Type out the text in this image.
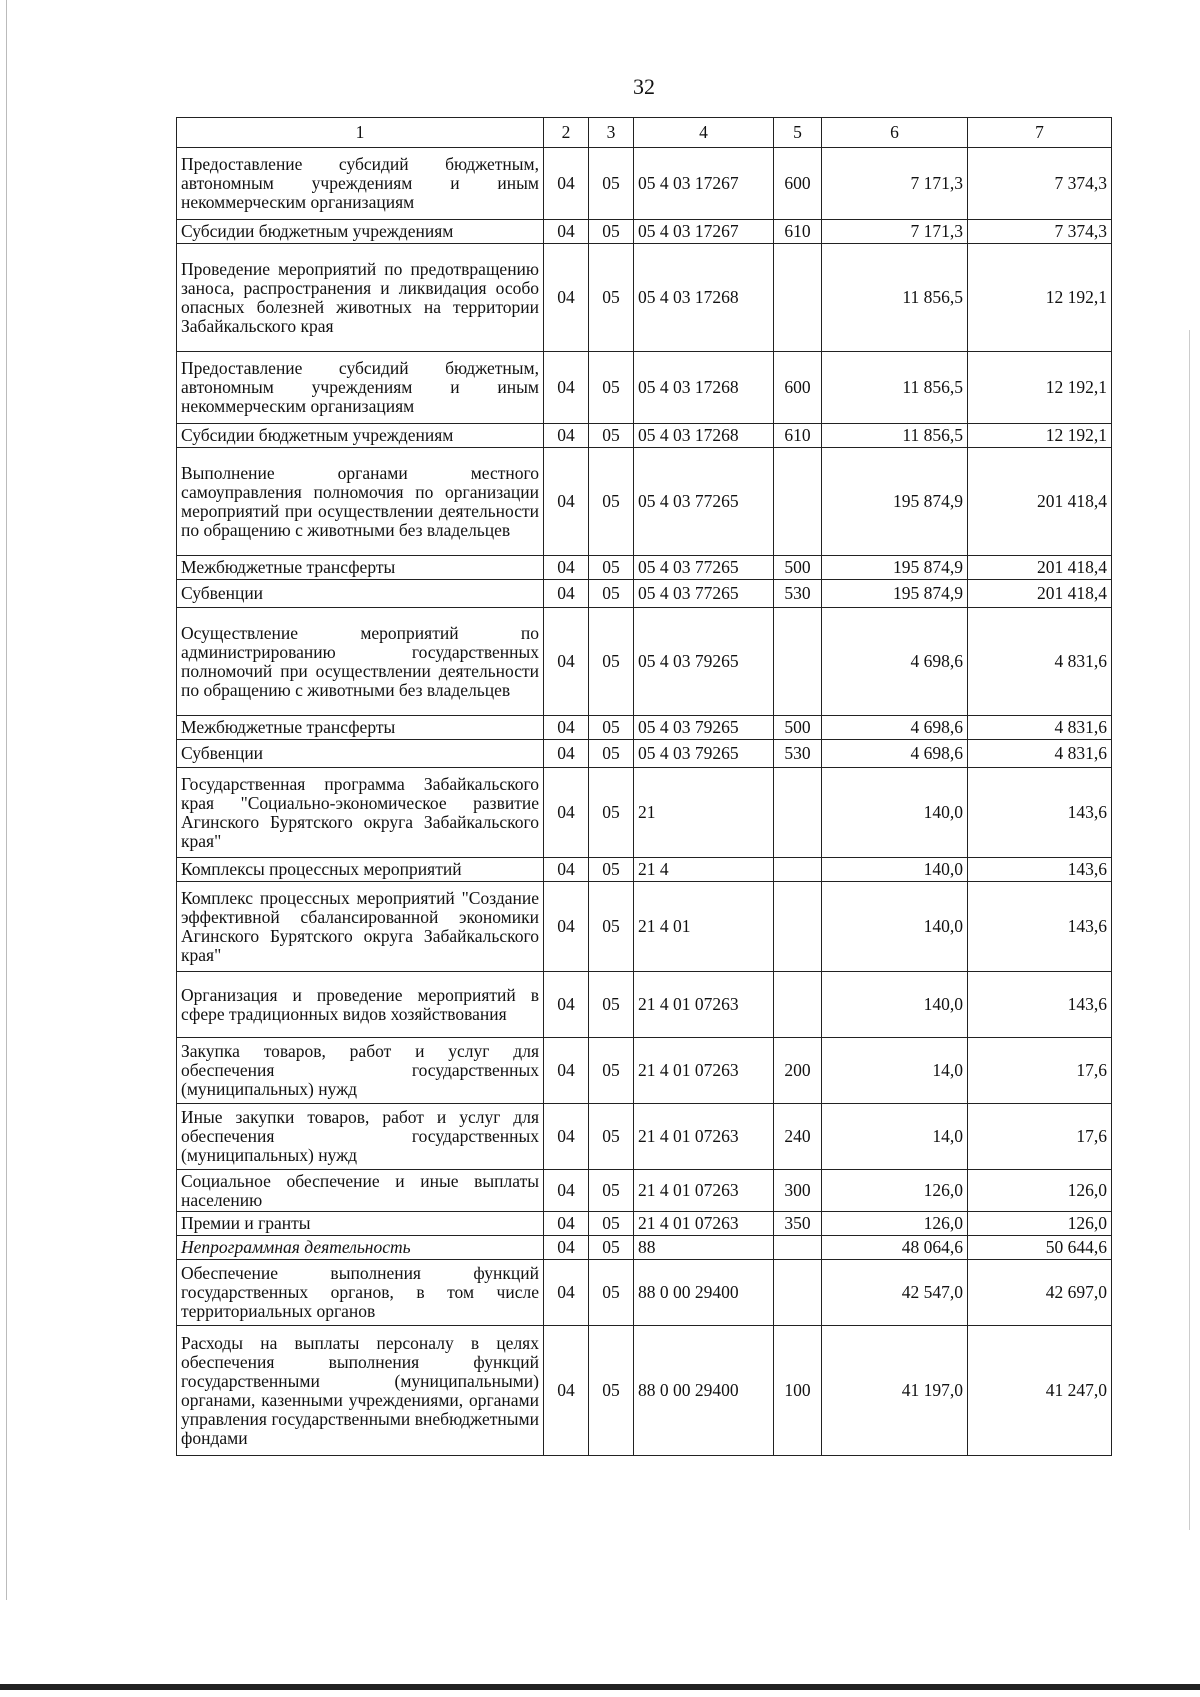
32
1	2	3	4	5	6	7
Предоставление субсидий бюджетным, автономным учреждениям и иным некоммерческим организациям	04	05	05 4 03 17267	600	7 171,3	7 374,3
Субсидии бюджетным учреждениям	04	05	05 4 03 17267	610	7 171,3	7 374,3
Проведение мероприятий по предотвращению заноса, распространения и ликвидация особо опасных болезней животных на территории Забайкальского края	04	05	05 4 03 17268		11 856,5	12 192,1
Предоставление субсидий бюджетным, автономным учреждениям и иным некоммерческим организациям	04	05	05 4 03 17268	600	11 856,5	12 192,1
Субсидии бюджетным учреждениям	04	05	05 4 03 17268	610	11 856,5	12 192,1
Выполнение органами местного самоуправления полномочия по организации мероприятий при осуществлении деятельности по обращению с животными без владельцев	04	05	05 4 03 77265		195 874,9	201 418,4
Межбюджетные трансферты	04	05	05 4 03 77265	500	195 874,9	201 418,4
Субвенции	04	05	05 4 03 77265	530	195 874,9	201 418,4
Осуществление мероприятий по администрированию государственных полномочий при осуществлении деятельности по обращению с животными без владельцев	04	05	05 4 03 79265		4 698,6	4 831,6
Межбюджетные трансферты	04	05	05 4 03 79265	500	4 698,6	4 831,6
Субвенции	04	05	05 4 03 79265	530	4 698,6	4 831,6
Государственная программа Забайкальского края "Социально-экономическое развитие Агинского Бурятского округа Забайкальского края"	04	05	21		140,0	143,6
Комплексы процессных мероприятий	04	05	21 4		140,0	143,6
Комплекс процессных мероприятий "Создание эффективной сбалансированной экономики Агинского Бурятского округа Забайкальского края"	04	05	21 4 01		140,0	143,6
Организация и проведение мероприятий в сфере традиционных видов хозяйствования	04	05	21 4 01 07263		140,0	143,6
Закупка товаров, работ и услуг для обеспечения государственных (муниципальных) нужд	04	05	21 4 01 07263	200	14,0	17,6
Иные закупки товаров, работ и услуг для обеспечения государственных (муниципальных) нужд	04	05	21 4 01 07263	240	14,0	17,6
Социальное обеспечение и иные выплаты населению	04	05	21 4 01 07263	300	126,0	126,0
Премии и гранты	04	05	21 4 01 07263	350	126,0	126,0
Непрограммная деятельность	04	05	88		48 064,6	50 644,6
Обеспечение выполнения функций государственных органов, в том числе территориальных органов	04	05	88 0 00 29400		42 547,0	42 697,0
Расходы на выплаты персоналу в целях обеспечения выполнения функций государственными (муниципальными) органами, казенными учреждениями, органами управления государственными внебюджетными фондами	04	05	88 0 00 29400	100	41 197,0	41 247,0
